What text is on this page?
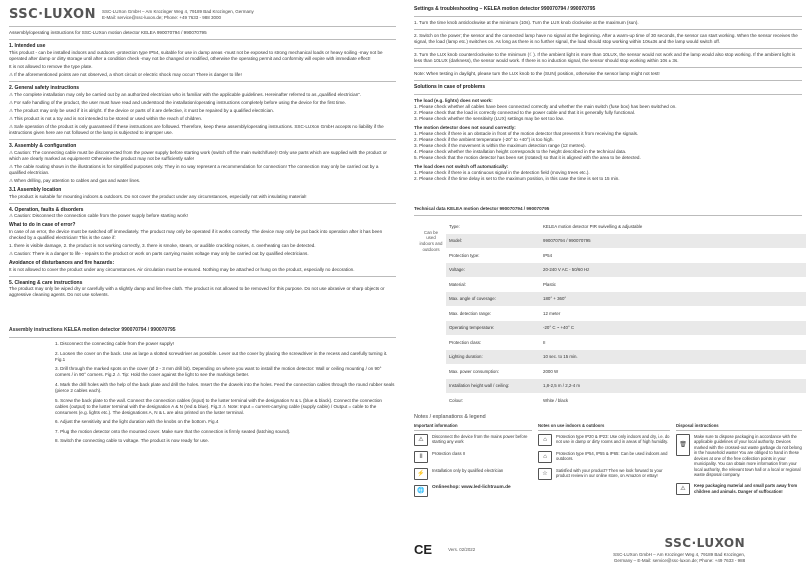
SSC·LUXON SSC-LUXon GmbH – Am Krozinger Weg 4, 79189 Bad Krozingen, Germany
E-Mail: service@ssc-luxon.de; Phone: +49 7633 - 988 3000
Assembly/operating instructions for SSC-LUXon motion detector KELEA 990070794 / 990070795
1. Intended use

This product - can be installed indoors and outdoors -protection type IP54, suitable for use in damp areas -must not be exposed to strong mechanical loads or heavy soiling -may not be operated after damp or dirty storage until after a condition check -may not be changed or modified, otherwise the operating permit and conformity will expire with immediate effect!

It is not allowed to remove the type plate.

⚠ If the aforementioned points are not observed, a short circuit or electric shock may occur! There is danger to life!

2. General safety instructions

⚠ The complete installation may only be carried out by an authorized electrician who is familiar with the applicable guidelines. Hereinafter referred to as „qualified electrician".

⚠ For safe handling of the product, the user must have read and understood the installation/operating instructions completely before using the device for the first time.

⚠ The product may only be used if it is alright. If the device or parts of it are defective, it must be repaired by a qualified electrician.

⚠ This product is not a toy and is not intended to be stored or used within the reach of children.

⚠ Safe operation of the product is only guaranteed if these instructions are followed. Therefore, keep these assembly/operating instructions. SSC-LUXon GmbH accepts no liability if the instructions given here are not followed or the lamp is subjected to improper use.

3. Assembly & configuration

⚠ Caution: The connecting cable must be disconnected from the power supply before starting work (switch off the main switch/fuse)! Only use parts which are supplied with the product or which are clearly marked as equipment! Otherwise the product may not be sufficiently safe!

⚠ The cable routing shown in the illustrations is for simplified purposes only. They in no way represent a recommendation for connection! The connection may only be carried out by a qualified electrician.

⚠ When drilling, pay attention to cables and gas and water lines.

3.1 Assembly location

The product is suitable for mounting indoors & outdoors. Do not cover the product under any circumstances, especially not with insulating material!

4. Operation, faults & disorders

⚠ Caution: Disconnect the connection cable from the power supply before starting work!

What to do in case of error?

In case of an error, the device must be switched off immediately. The product may only be operated if it works correctly. The device may only be put back into operation after it has been checked by a qualified electrician! This is the case if:

1. there is visible damage, 2. the product is not working correctly, 3. there is smoke, steam, or audible crackling noises, 4. overheating can be detected.

⚠ Caution: There is a danger to life - repairs to the product or work on parts carrying mains voltage may only be carried out by qualified electricians.

Avoidance of disturbances and fire hazards:

It is not allowed to cover the product under any circumstances. Air circulation must be ensured. Nothing may be attached or hung on the product, especially no decoration.

5. Cleaning & care instructions

The product may only be wiped dry or carefully with a slightly damp and lint-free cloth. The product is not allowed to be removed for this purpose. Do not use abrasive or sharp objects or aggressive cleaning agents. Do not use solvents.

Assembly instructions KELEA motion detector 990070794 / 990070795

1. Disconnect the connecting cable from the power supply!

2. Loosen the cover on the back. Use as large a slotted screwdriver as possible. Lever out the cover by placing the screwdriver in the recess and carefully turning it. Fig.1

3. Drill through the marked spots on the cover (Ø 2 - 3 mm drill bit). Depending on where you want to install the motion detector: Wall or ceiling mounting / on 90° corners / in 90° corners. Fig.2 ⚠ Tip: Hold the cover against the light to see the markings better.

4. Mark the drill holes with the help of the back plate and drill the holes. Insert the the dowels into the holes. Feed the connection cables through the round rubber seals (pierce 2 cables each).

5. Screw the back plate to the wall. Connect the connection cables (input) to the luster terminal with the designation N & L (blue & black). Connect the connection cables (output) to the luster terminal with the designation A & N (red & blue). Fig.3 ⚠ Note: Input = current-carrying cable (supply cable) / Output = cable to the consumers (e.g. lights etc.). The designations A, N & L are also printed on the luster terminal.

6. Adjust the sensitivity and the light duration with the knobs on the bottom. Fig.4

7. Plug the motion detector onto the mounted cover. Make sure that the connection is firmly seated (latching sound).

8. Switch the connecting cable to voltage. The product is now ready for use.

Settings & troubleshooting – KELEA motion detector 990070794 / 990070795

1. Turn the time knob anticlockwise at the minimum (10s). Turn the LUX knob clockwise at the maximum (sun).

2. Switch on the power; the sensor and the connected lamp have no signal at the beginning. After a warm-up time of 30 seconds, the sensor can start working. When the sensor receives the signal, the load (lamp etc.) switches on. As long as there is no further signal, the load should stop working within 10s±3s and the lamp would switch off.

3. Turn the LUX knob counterclockwise to the minimum (☾). If the ambient light is more than 10LUX, the sensor would not work and the lamp would also stop working. If the ambient light is less than 10LUX (darkness), the sensor would work. If there is no induction signal, the sensor should stop working within 10s ± 3s.

Note: When testing in daylight, please turn the LUX knob to the (SUN) position, otherwise the sensor lamp might not test!

Solutions in case of problems
The load (e.g. lights) does not work:
1. Please check whether all cables have been connected correctly and whether the main switch (fuse box) has been switched on.
2. Please check that the load is correctly connected to the power cable and that it is generally fully functional.
3. Please check whether the sensitivity (LUX) settings may be set too low.
The motion detector does not sound correctly:
1. Please check if there is an obstacle in front of the motion detector that prevents it from receiving the signals.
2. Please check if the ambient temperature (-20° to +40°) is too high.
3. Please check if the movement is within the maximum detection range (12 metres).
4. Please check whether the installation height corresponds to the height described in the technical data.
5. Please check that the motion detector has been set (rotated) so that it is aligned with the area to be detected.
The load does not switch off automatically:
1. Please check if there is a continuous signal in the detection field (moving trees etc.).
2. Please check if the time delay is set to the maximum position, in this case the time is set to 15 min.
Technical data KELEA motion detector 990070794 / 990070795
Can be used indoors and outdoors	Type:	KELEA motion detector PIR swivelling & adjustable
	Model:	990070794 / 990070795
	Protection type:	IP54
	Voltage:	20-240 V AC - 50/60 Hz
	Material:	Plastic
	Max. angle of coverage:	180° + 360°
	Max. detection range:	12 meter
	Operating temperature:	-20° C ~ +40° C
	Protection class:	II
	Lighting duration:	10 sec. to 15 min.
	Max. power consumption:	2000 W
	Installation height wall / ceiling:	1,8-2,5 m / 2,2-4 m
	Colour:	White / black
Notes / explanations & legend
Important information
⚠
Disconnect the device from the mains power before starting any work
II
Protection class II
⚡
Installation only by qualified electrician
🌐
Onlineshop: www.led-lichtraum.de
Notes on use indoors & outdoors
⌂
Protection type IP20 & IP23: Use only indoors and dry, i.e. do not use in damp or dirty rooms and in areas of high humidity.
⌂
Protection type IP54, IP55 & IP65: Can be used indoors and outdoors.
☆
Satisfied with your product? Then we look forward to your product review in our online store, on Amazon or eBay!
Disposal instructions
🗑
Make sure to dispose packaging in accordance with the applicable guidelines of your local authority. Devices marked with the crossed-out waste garbage do not belong in the household waste! You are obliged to hand in these devices at one of the free collection points in your municipality. You can obtain more information from your local authority, the relevant town hall or a local or regional waste disposal company.
⚠
Keep packaging material and small parts away from children and animals. Danger of suffocation!
CE	Vers. 02/2022	SSC·LUXON
SSC-LUXon GmbH – Am Krozinger Weg 4, 79189 Bad Krozingen, Germany – E-Mail: service@ssc-luxon.de; Phone: +49 7633 - 988
